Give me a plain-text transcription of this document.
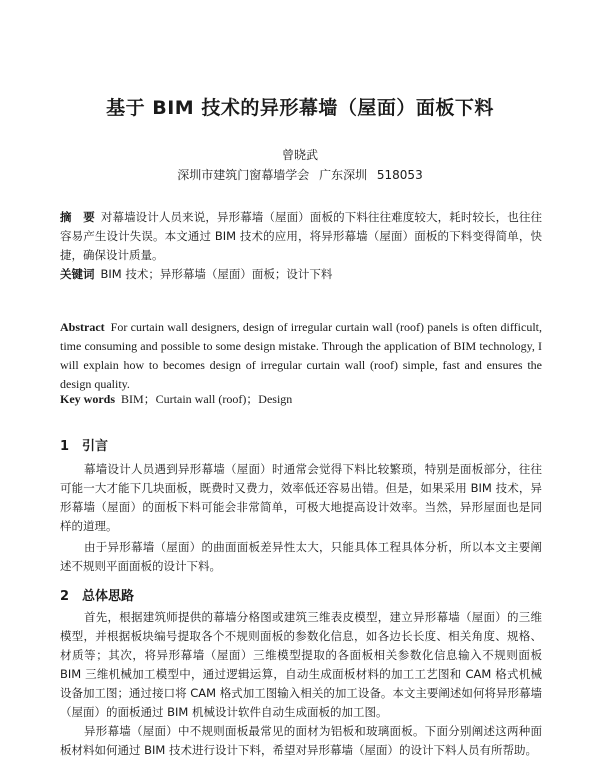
基于 BIM 技术的异形幕墙（屋面）面板下料
曾晓武
深圳市建筑门窗幕墙学会 广东深圳 518053
摘　要 对幕墙设计人员来说，异形幕墙（屋面）面板的下料往往难度较大，耗时较长，也往往容易产生设计失误。本文通过 BIM 技术的应用，将异形幕墙（屋面）面板的下料变得简单，快捷，确保设计质量。
关键词 BIM 技术；异形幕墙（屋面）面板；设计下料
Abstract For curtain wall designers, design of irregular curtain wall (roof) panels is often difficult, time consuming and possible to some design mistake. Through the application of BIM technology, I will explain how to becomes design of irregular curtain wall (roof) simple, fast and ensures the design quality.
Key words BIM；Curtain wall (roof)；Design
1 引言
幕墙设计人员遇到异形幕墙（屋面）时通常会觉得下料比较繁琐，特别是面板部分，往往可能一大才能下几块面板，既费时又费力，效率低还容易出错。但是，如果采用 BIM 技术，异形幕墙（屋面）的面板下料可能会非常简单，可极大地提高设计效率。当然，异形屋面也是同样的道理。
由于异形幕墙（屋面）的曲面面板差异性太大，只能具体工程具体分析，所以本文主要阐述不规则平面面板的设计下料。
2 总体思路
首先，根据建筑师提供的幕墙分格图或建筑三维表皮模型，建立异形幕墙（屋面）的三维模型，并根据板块编号提取各个不规则面板的参数化信息，如各边长长度、相关角度、规格、材质等；其次，将异形幕墙（屋面）三维模型提取的各面板相关参数化信息输入不规则面板 BIM 三维机械加工模型中，通过逻辑运算，自动生成面板材料的加工工艺图和 CAM 格式机械设备加工图；通过接口将 CAM 格式加工图输入相关的加工设备。本文主要阐述如何将异形幕墙（屋面）的面板通过 BIM 机械设计软件自动生成面板的加工图。
异形幕墙（屋面）中不规则面板最常见的面材为铝板和玻璃面板。下面分别阐述这两种面板材料如何通过 BIM 技术进行设计下料，希望对异形幕墙（屋面）的设计下料人员有所帮助。
